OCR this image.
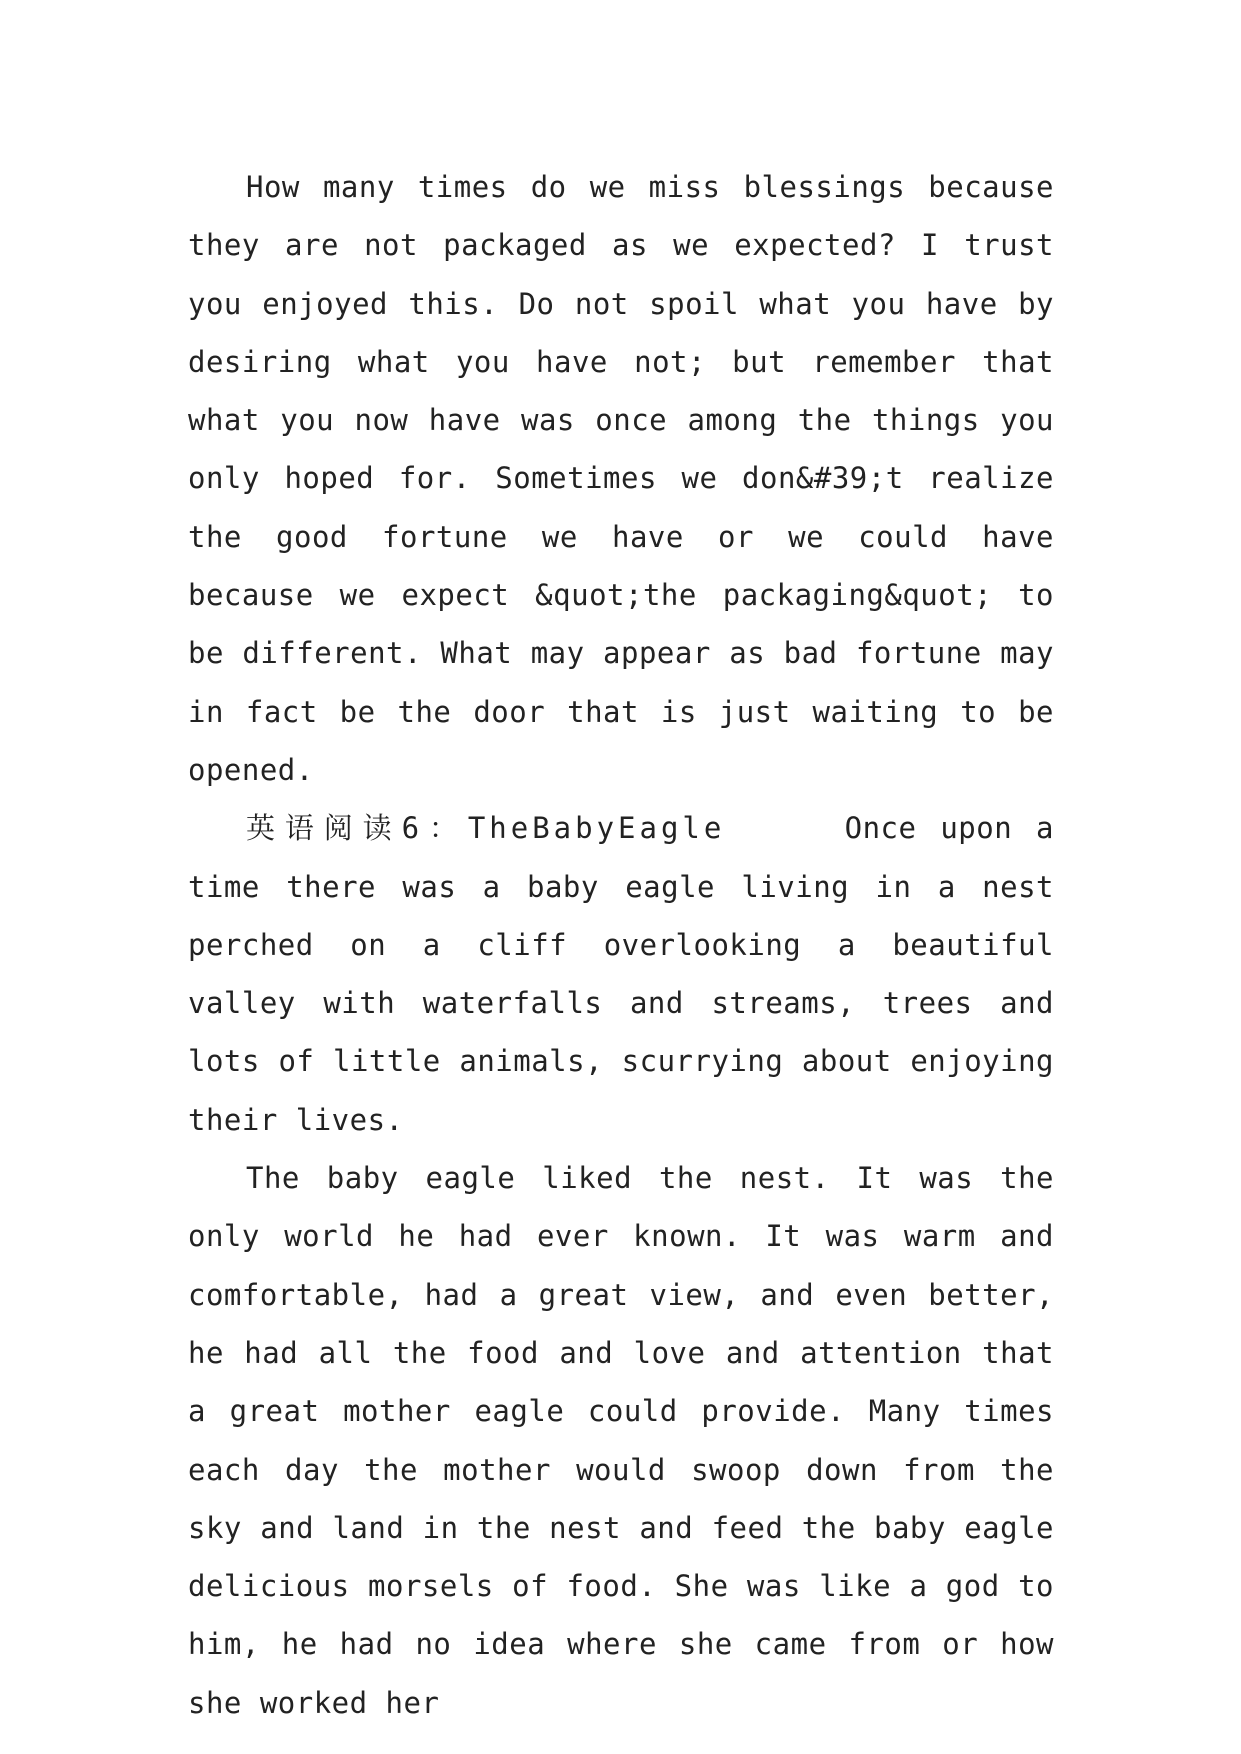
How many times do we miss blessings because they are not packaged as we expected? I trust you enjoyed this. Do not spoil what you have by desiring what you have not; but remember that what you now have was once among the things you only hoped for. Sometimes we don&#39;t realize the good fortune we have or we could have because we expect &quot;the packaging&quot; to be different. What may appear as bad fortune may in fact be the door that is just waiting to be opened.

英语阅读6：TheBabyEagle	Once upon a time there was a baby eagle living in a nest perched on a cliff overlooking a beautiful valley with waterfalls and streams, trees and lots of little animals, scurrying about enjoying their lives.

The baby eagle liked the nest. It was the only world he had ever known. It was warm and comfortable, had a great view, and even better, he had all the food and love and attention that a great mother eagle could provide. Many times each day the mother would swoop down from the sky and land in the nest and feed the baby eagle delicious morsels of food. She was like a god to him, he had no idea where she came from or how she worked her
